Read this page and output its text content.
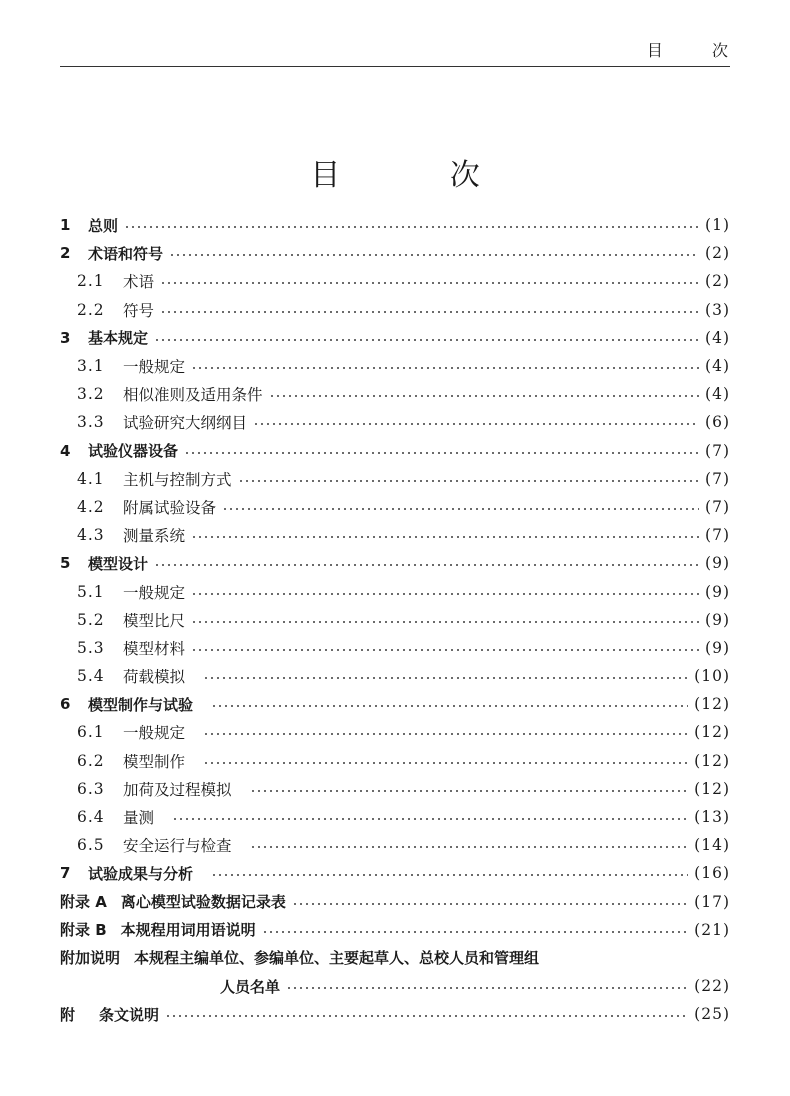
目 次
目 次
1	总则	(1)
2	术语和符号	(2)
2.1	术语	(2)
2.2	符号	(3)
3	基本规定	(4)
3.1	一般规定	(4)
3.2	相似准则及适用条件	(4)
3.3	试验研究大纲纲目	(6)
4	试验仪器设备	(7)
4.1	主机与控制方式	(7)
4.2	附属试验设备	(7)
4.3	测量系统	(7)
5	模型设计	(9)
5.1	一般规定	(9)
5.2	模型比尺	(9)
5.3	模型材料	(9)
5.4	荷载模拟	(10)
6	模型制作与试验	(12)
6.1	一般规定	(12)
6.2	模型制作	(12)
6.3	加荷及过程模拟	(12)
6.4	量测	(13)
6.5	安全运行与检查	(14)
7	试验成果与分析	(16)
附录 A 离心模型试验数据记录表	(17)
附录 B 本规程用词用语说明	(21)
附加说明 本规程主编单位、参编单位、主要起草人、总校人员和管理组
人员名单	(22)
附 条文说明	(25)
